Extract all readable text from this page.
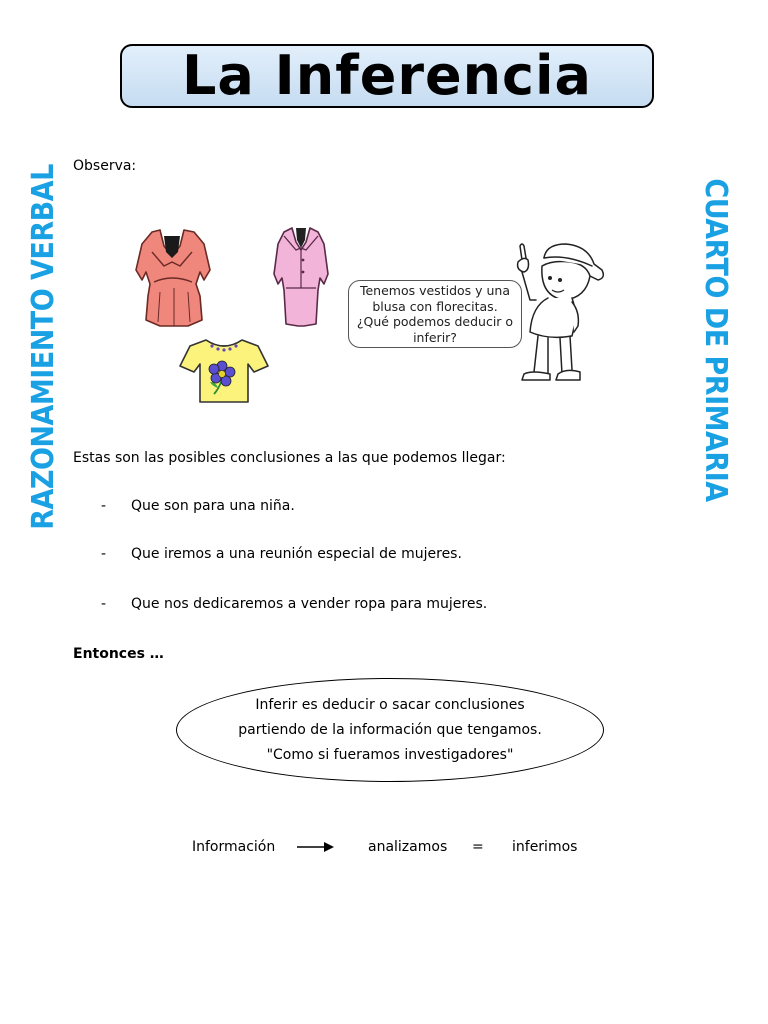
La Inferencia
RAZONAMIENTO VERBAL	CUARTO DE PRIMARIA
Observa:
Tenemos vestidos y una
blusa con florecitas.
¿Qué podemos deducir o
inferir?
Estas son las posibles conclusiones a las que podemos llegar:
- Que son para una niña.
- Que iremos a una reunión especial de mujeres.
- Que nos dedicaremos a vender ropa para mujeres.
Entonces …
Inferir es deducir o sacar conclusiones
partiendo de la información que tengamos.
"Como si fueramos investigadores"
Información	analizamos = inferimos
